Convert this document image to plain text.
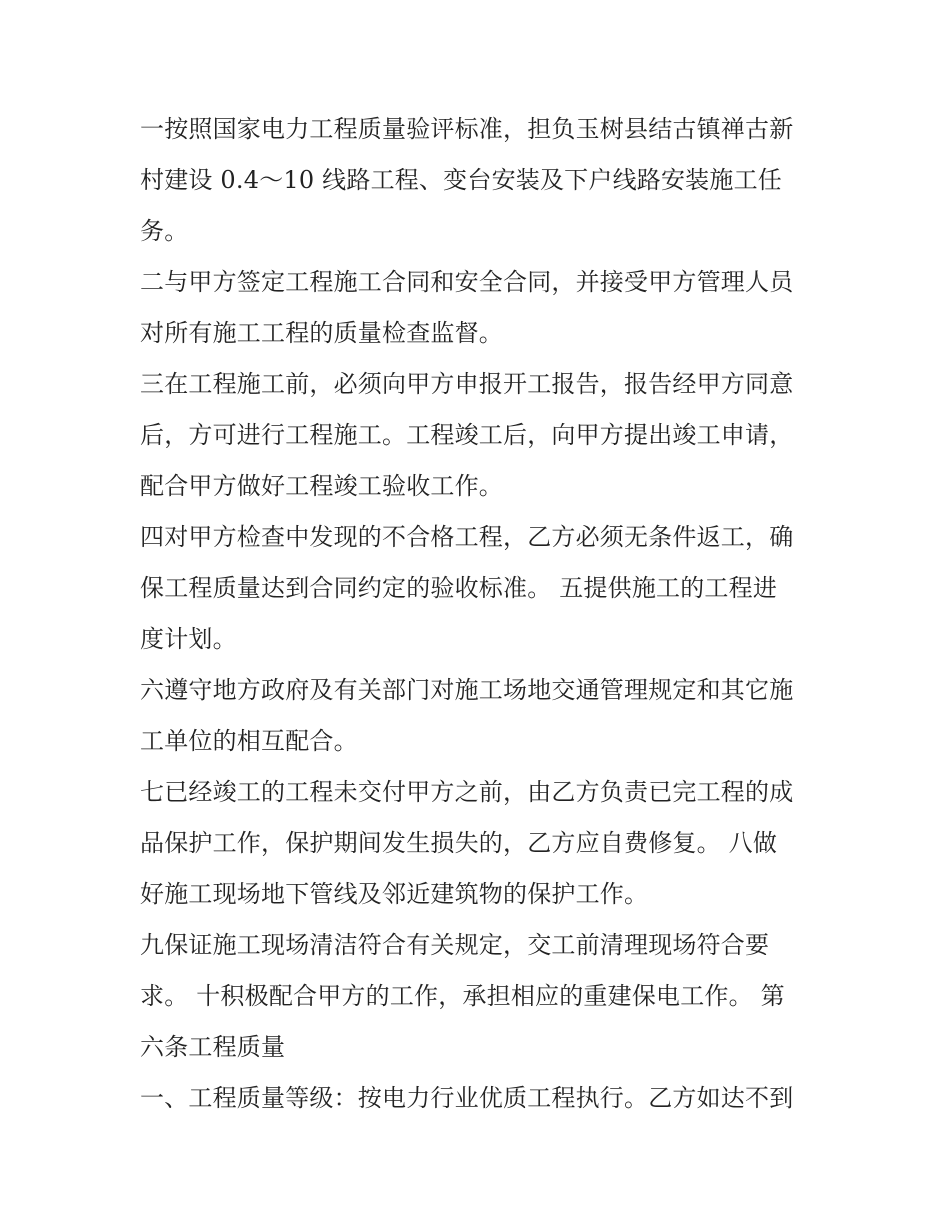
一按照国家电力工程质量验评标准，担负玉树县结古镇禅古新
村建设 0.4～10 线路工程、变台安装及下户线路安装施工任
务。
二与甲方签定工程施工合同和安全合同，并接受甲方管理人员
对所有施工工程的质量检查监督。
三在工程施工前，必须向甲方申报开工报告，报告经甲方同意
后，方可进行工程施工。工程竣工后，向甲方提出竣工申请，
配合甲方做好工程竣工验收工作。
四对甲方检查中发现的不合格工程，乙方必须无条件返工，确
保工程质量达到合同约定的验收标准。 五提供施工的工程进
度计划。
六遵守地方政府及有关部门对施工场地交通管理规定和其它施
工单位的相互配合。
七已经竣工的工程未交付甲方之前，由乙方负责已完工程的成
品保护工作，保护期间发生损失的，乙方应自费修复。 八做
好施工现场地下管线及邻近建筑物的保护工作。
九保证施工现场清洁符合有关规定，交工前清理现场符合要
求。 十积极配合甲方的工作，承担相应的重建保电工作。 第
六条工程质量
一、工程质量等级：按电力行业优质工程执行。乙方如达不到
